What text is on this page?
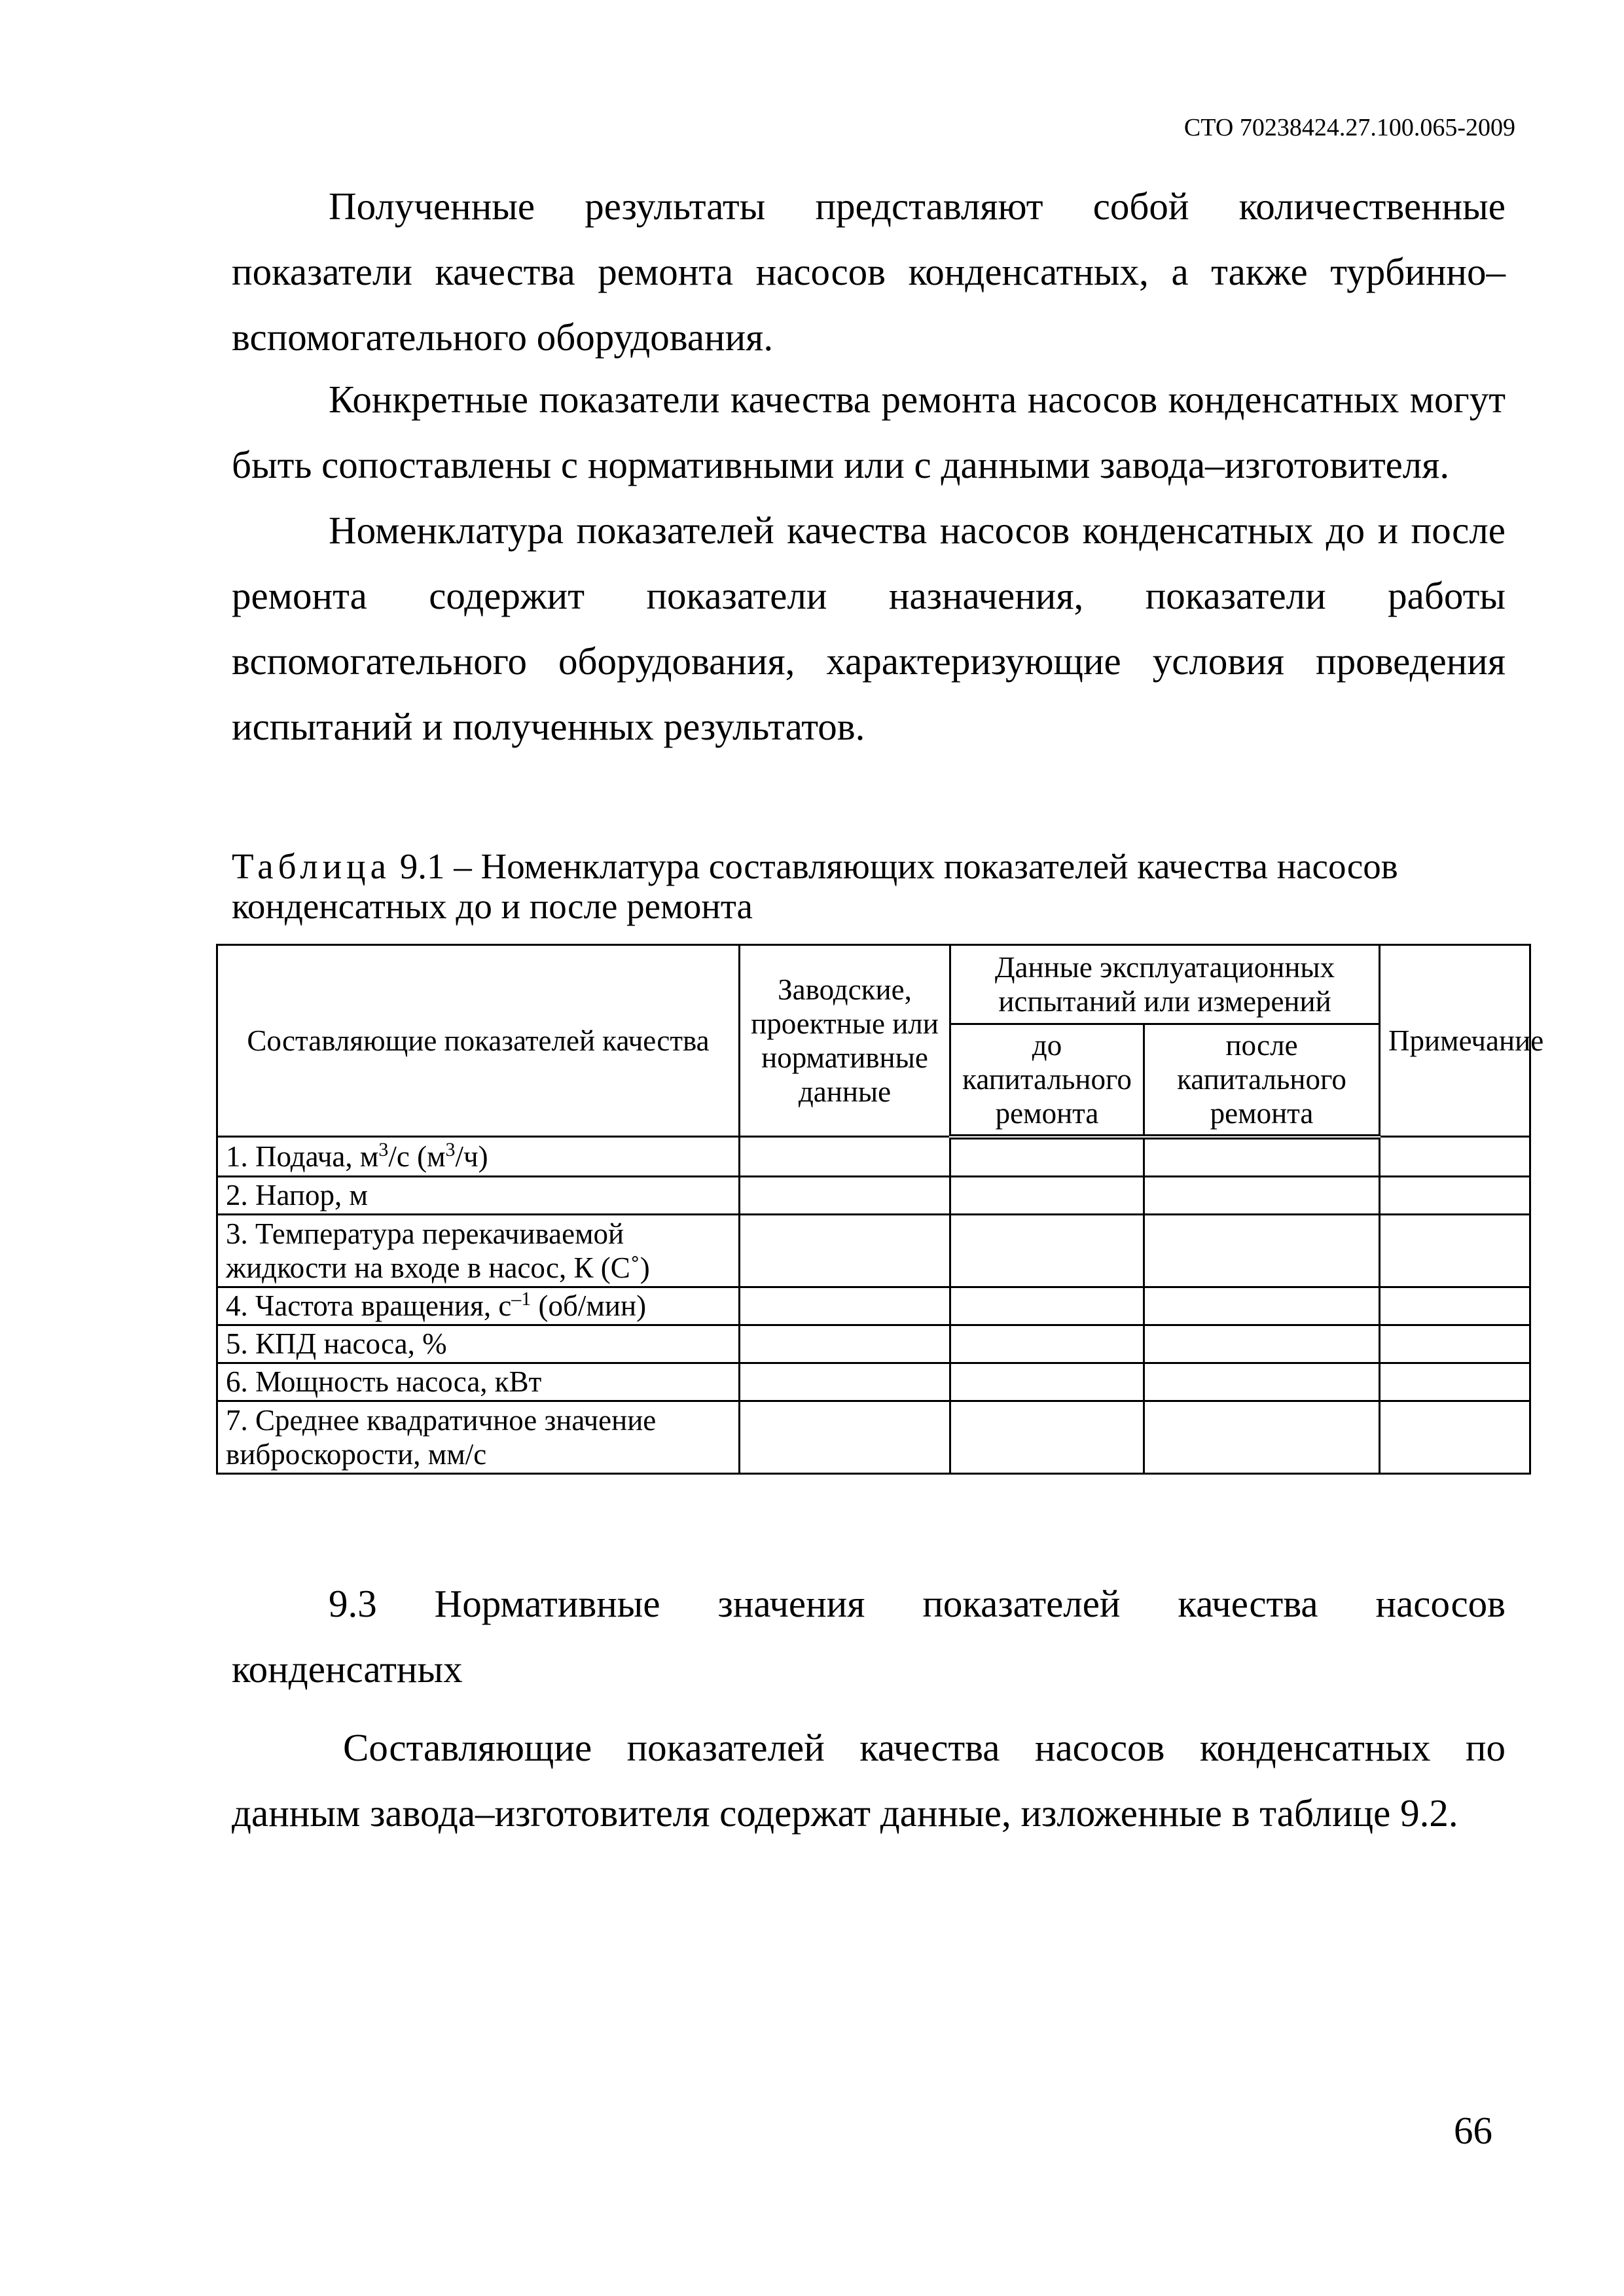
СТО 70238424.27.100.065-2009

Полученные результаты представляют собой количественные показатели качества ремонта насосов конденсатных, а также турбинно–вспомогательного оборудования.

Конкретные показатели качества ремонта насосов конденсатных могут быть сопоставлены с нормативными или с данными завода–изготовителя.

Номенклатура показателей качества насосов конденсатных до и после ремонта содержит показатели назначения, показатели работы вспомогательного оборудования, характеризующие условия проведения испытаний и полученных результатов.

Таблица 9.1 – Номенклатура составляющих показателей качества насосов конденсатных до и после ремонта

Составляющие показателей качества	Заводские, проектные или нормативные данные	Данные эксплуатационных испытаний или измерений		Примечание
		до капитального ремонта	после капитального ремонта	
1. Подача, $м^3/с$ $(м^3/ч)$				
2. Напор, м				
3. Температура перекачиваемой жидкости на входе в насос, К (С˚)				
4. Частота вращения, $с^{-1}$ (об/мин)				
5. КПД насоса, %				
6. Мощность насоса, кВт				
7. Среднее квадратичное значение виброскорости, мм/с				

9.3 Нормативные значения показателей качества насосов конденсатных

Составляющие показателей качества насосов конденсатных по данным завода–изготовителя содержат данные, изложенные в таблице 9.2.

66
